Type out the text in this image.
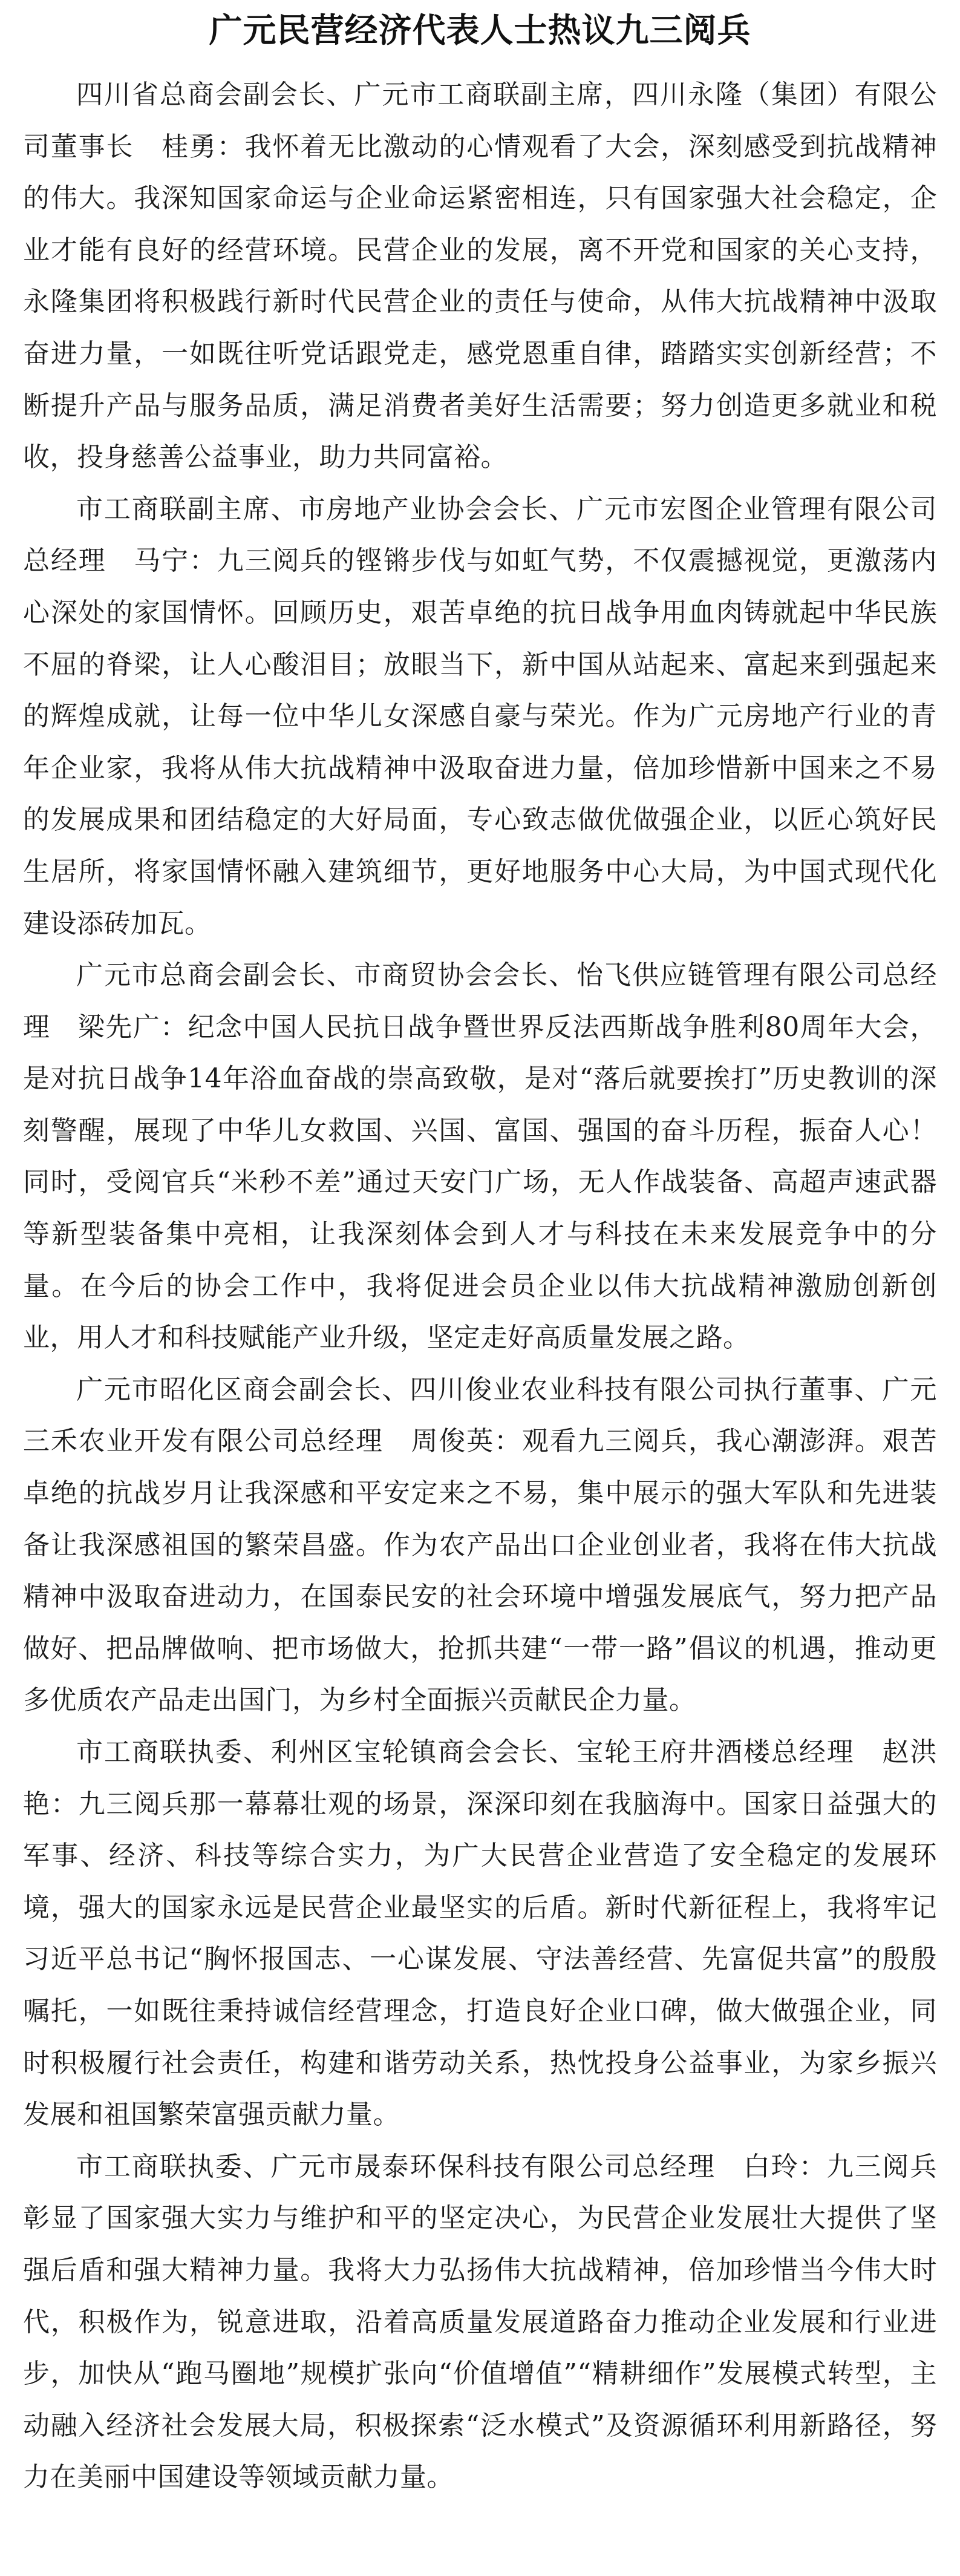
广元民营经济代表人士热议九三阅兵

四川省总商会副会长、广元市工商联副主席，四川永隆（集团）有限公司董事长　桂勇：我怀着无比激动的心情观看了大会，深刻感受到抗战精神的伟大。我深知国家命运与企业命运紧密相连，只有国家强大社会稳定，企业才能有良好的经营环境。民营企业的发展，离不开党和国家的关心支持，永隆集团将积极践行新时代民营企业的责任与使命，从伟大抗战精神中汲取奋进力量，一如既往听党话跟党走，感党恩重自律，踏踏实实创新经营；不断提升产品与服务品质，满足消费者美好生活需要；努力创造更多就业和税收，投身慈善公益事业，助力共同富裕。

市工商联副主席、市房地产业协会会长、广元市宏图企业管理有限公司总经理　马宁：九三阅兵的铿锵步伐与如虹气势，不仅震撼视觉，更激荡内心深处的家国情怀。回顾历史，艰苦卓绝的抗日战争用血肉铸就起中华民族不屈的脊梁，让人心酸泪目；放眼当下，新中国从站起来、富起来到强起来的辉煌成就，让每一位中华儿女深感自豪与荣光。作为广元房地产行业的青年企业家，我将从伟大抗战精神中汲取奋进力量，倍加珍惜新中国来之不易的发展成果和团结稳定的大好局面，专心致志做优做强企业，以匠心筑好民生居所，将家国情怀融入建筑细节，更好地服务中心大局，为中国式现代化建设添砖加瓦。

广元市总商会副会长、市商贸协会会长、怡飞供应链管理有限公司总经理　梁先广：纪念中国人民抗日战争暨世界反法西斯战争胜利80周年大会，是对抗日战争14年浴血奋战的崇高致敬，是对“落后就要挨打”历史教训的深刻警醒，展现了中华儿女救国、兴国、富国、强国的奋斗历程，振奋人心！同时，受阅官兵“米秒不差”通过天安门广场，无人作战装备、高超声速武器等新型装备集中亮相，让我深刻体会到人才与科技在未来发展竞争中的分量。在今后的协会工作中，我将促进会员企业以伟大抗战精神激励创新创业，用人才和科技赋能产业升级，坚定走好高质量发展之路。

广元市昭化区商会副会长、四川俊业农业科技有限公司执行董事、广元三禾农业开发有限公司总经理　周俊英：观看九三阅兵，我心潮澎湃。艰苦卓绝的抗战岁月让我深感和平安定来之不易，集中展示的强大军队和先进装备让我深感祖国的繁荣昌盛。作为农产品出口企业创业者，我将在伟大抗战精神中汲取奋进动力，在国泰民安的社会环境中增强发展底气，努力把产品做好、把品牌做响、把市场做大，抢抓共建“一带一路”倡议的机遇，推动更多优质农产品走出国门，为乡村全面振兴贡献民企力量。

市工商联执委、利州区宝轮镇商会会长、宝轮王府井酒楼总经理　赵洪艳：九三阅兵那一幕幕壮观的场景，深深印刻在我脑海中。国家日益强大的军事、经济、科技等综合实力，为广大民营企业营造了安全稳定的发展环境，强大的国家永远是民营企业最坚实的后盾。新时代新征程上，我将牢记习近平总书记“胸怀报国志、一心谋发展、守法善经营、先富促共富”的殷殷嘱托，一如既往秉持诚信经营理念，打造良好企业口碑，做大做强企业，同时积极履行社会责任，构建和谐劳动关系，热忱投身公益事业，为家乡振兴发展和祖国繁荣富强贡献力量。

市工商联执委、广元市晟泰环保科技有限公司总经理　白玲：九三阅兵彰显了国家强大实力与维护和平的坚定决心，为民营企业发展壮大提供了坚强后盾和强大精神力量。我将大力弘扬伟大抗战精神，倍加珍惜当今伟大时代，积极作为，锐意进取，沿着高质量发展道路奋力推动企业发展和行业进步，加快从“跑马圈地”规模扩张向“价值增值”“精耕细作”发展模式转型，主动融入经济社会发展大局，积极探索“泛水模式”及资源循环利用新路径，努力在美丽中国建设等领域贡献力量。
